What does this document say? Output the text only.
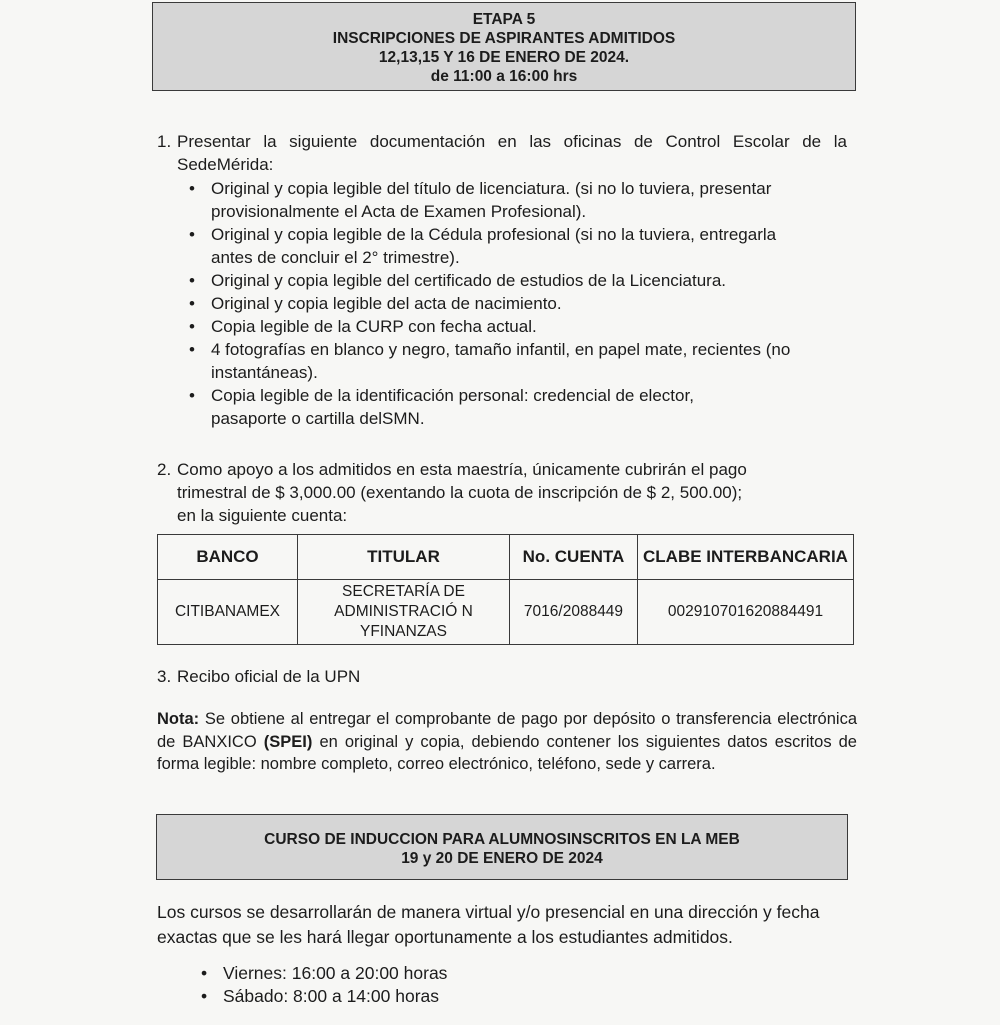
ETAPA 5
INSCRIPCIONES DE ASPIRANTES ADMITIDOS
12,13,15 Y 16 DE ENERO DE 2024.
de 11:00 a 16:00 hrs
1. Presentar la siguiente documentación en las oficinas de Control Escolar de la SedeMérida:
• Original y copia legible del título de licenciatura. (si no lo tuviera, presentar provisionalmente el Acta de Examen Profesional).
• Original y copia legible de la Cédula profesional (si no la tuviera, entregarla antes de concluir el 2° trimestre).
• Original y copia legible del certificado de estudios de la Licenciatura.
• Original y copia legible del acta de nacimiento.
• Copia legible de la CURP con fecha actual.
• 4 fotografías en blanco y negro, tamaño infantil, en papel mate, recientes (no instantáneas).
• Copia legible de la identificación personal: credencial de elector, pasaporte o cartilla delSMN.
2. Como apoyo a los admitidos en esta maestría, únicamente cubrirán el pago trimestral de $ 3,000.00 (exentando la cuota de inscripción de $ 2, 500.00); en la siguiente cuenta:
BANCO	TITULAR	No. CUENTA	CLABE INTERBANCARIA
CITIBANAMEX	SECRETARÍA DE ADMINISTRACIÓ N YFINANZAS	7016/2088449	002910701620884491
3. Recibo oficial de la UPN
Nota: Se obtiene al entregar el comprobante de pago por depósito o transferencia electrónica de BANXICO (SPEI) en original y copia, debiendo contener los siguientes datos escritos de forma legible: nombre completo, correo electrónico, teléfono, sede y carrera.
CURSO DE INDUCCION PARA ALUMNOSINSCRITOS EN LA MEB
19 y 20 DE ENERO DE 2024
Los cursos se desarrollarán de manera virtual y/o presencial en una dirección y fecha exactas que se les hará llegar oportunamente a los estudiantes admitidos.
• Viernes: 16:00 a 20:00 horas
• Sábado: 8:00 a 14:00 horas
